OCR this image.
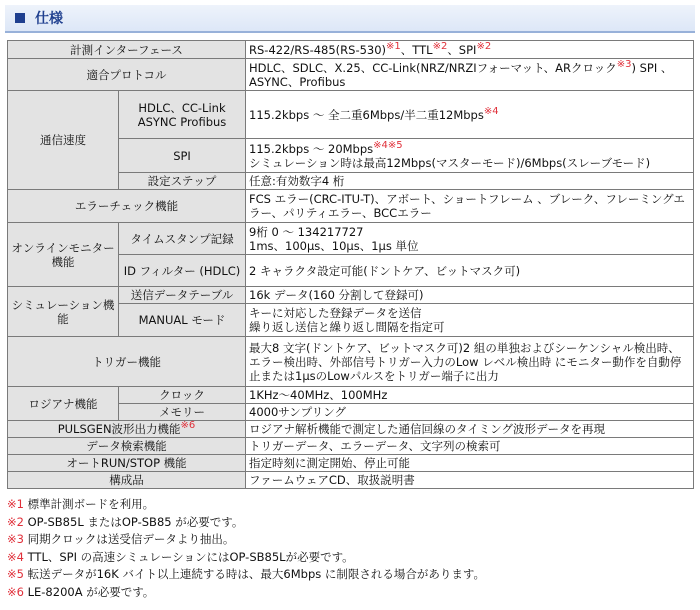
仕様
計測インターフェース		RS-422/RS-485(RS-530)※1、TTL※2、SPI※2
適合プロトコル		HDLC、SDLC、X.25、CC-Link(NRZ/NRZIフォーマット、ARクロック※3) SPI 、ASYNC、Profibus
通信速度	HDLC、CC-Link ASYNC Profibus	115.2kbps 〜 全二重6Mbps/半二重12Mbps※4
	SPI	115.2kbps 〜 20Mbps※4※5
シミュレーション時は最高12Mbps(マスターモード)/6Mbps(スレーブモード)
	設定ステップ	任意:有効数字4 桁
エラーチェック機能		FCS エラー(CRC-ITU-T)、アボート、ショートフレーム 、ブレーク、フレーミングエラー、パリティエラー、BCCエラー
オンラインモニター機能	タイムスタンプ記録	9桁 0 〜 134217727
1ms、100μs、10μs、1μs 単位
	ID フィルター (HDLC)	2 キャラクタ設定可能(ドントケア、ビットマスク可)
シミュレーション機能	送信データテーブル	16k データ(160 分割して登録可)
	MANUAL モード	キーに対応した登録データを送信
繰り返し送信と繰り返し間隔を指定可
トリガー機能		最大8 文字(ドントケア、ビットマスク可)2 組の単独およびシーケンシャル検出時、エラー検出時、外部信号トリガー入力のLow レベル検出時 にモニター動作を自動停止または1μsのLowパルスをトリガー端子に出力
ロジアナ機能	クロック	1KHz〜40MHz、100MHz
	メモリー	4000サンプリング
PULSGEN波形出力機能※6		ロジアナ解析機能で測定した通信回線のタイミング波形データを再現
データ検索機能		トリガーデータ、エラーデータ、文字列の検索可
オートRUN/STOP 機能		指定時刻に測定開始、停止可能
構成品		ファームウェアCD、取扱説明書
※1 標準計測ボードを利用。
※2 OP-SB85L またはOP-SB85 が必要です。
※3 同期クロックは送受信データより抽出。
※4 TTL、SPI の高速シミュレーションにはOP-SB85Lが必要です。
※5 転送データが16K バイト以上連続する時は、最大6Mbps に制限される場合があります。
※6 LE-8200A が必要です。
